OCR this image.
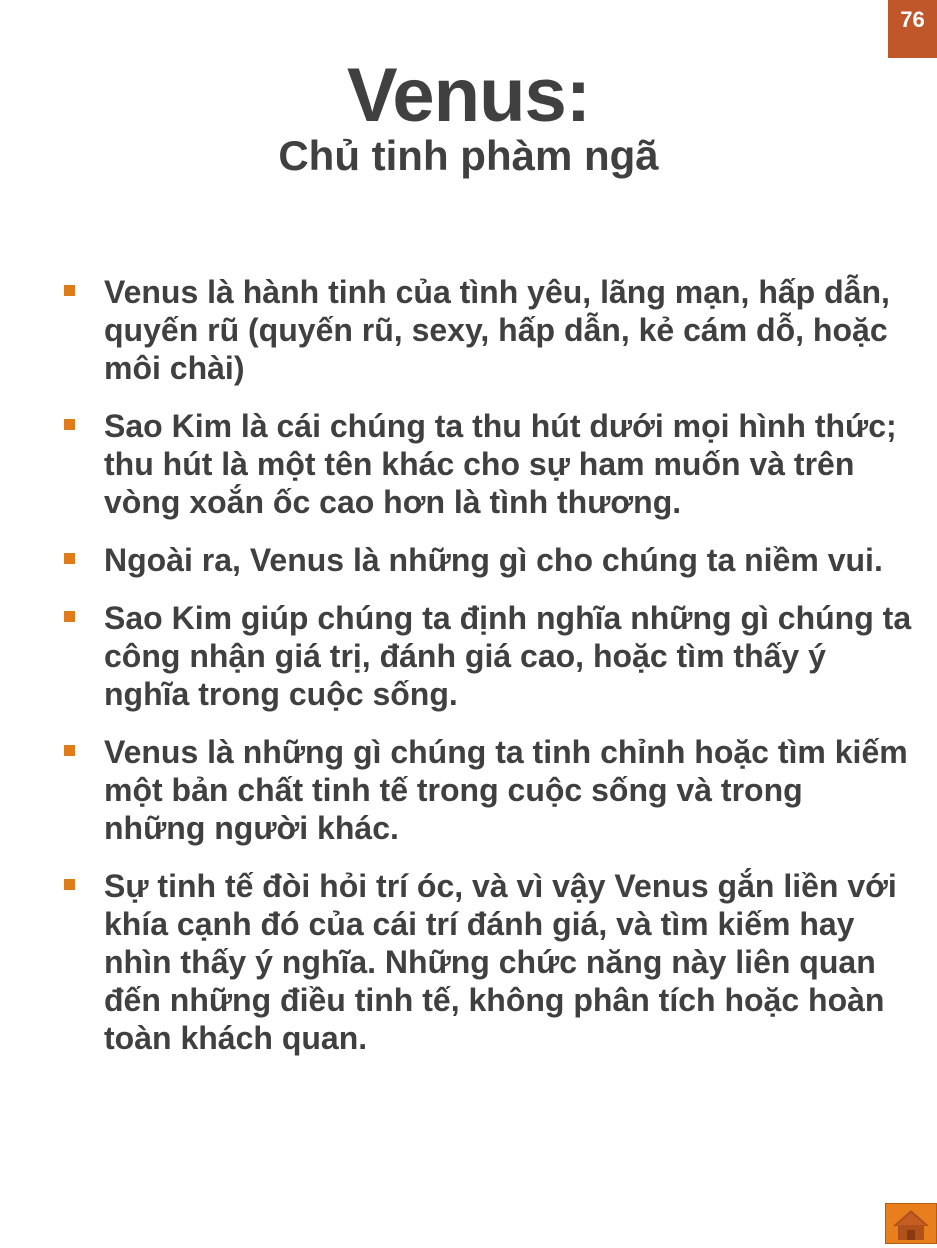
76
Venus:
Chủ tinh phàm ngã
Venus là hành tinh của tình yêu, lãng mạn, hấp dẫn, quyến rũ (quyến rũ, sexy, hấp dẫn, kẻ cám dỗ, hoặc môi chài)
Sao Kim là cái chúng ta thu hút dưới mọi hình thức; thu hút là một tên khác cho sự ham muốn và trên vòng xoắn ốc cao hơn là tình thương.
Ngoài ra, Venus là những gì cho chúng ta niềm vui.
Sao Kim giúp chúng ta định nghĩa những gì chúng ta công nhận giá trị, đánh giá cao, hoặc tìm thấy ý nghĩa trong cuộc sống.
Venus là những gì chúng ta tinh chỉnh hoặc tìm kiếm một bản chất tinh tế trong cuộc sống và trong những người khác.
Sự tinh tế đòi hỏi trí óc, và vì vậy Venus gắn liền với khía cạnh đó của cái trí đánh giá, và tìm kiếm hay nhìn thấy ý nghĩa. Những chức năng này liên quan đến những điều tinh tế, không phân tích hoặc hoàn toàn khách quan.
